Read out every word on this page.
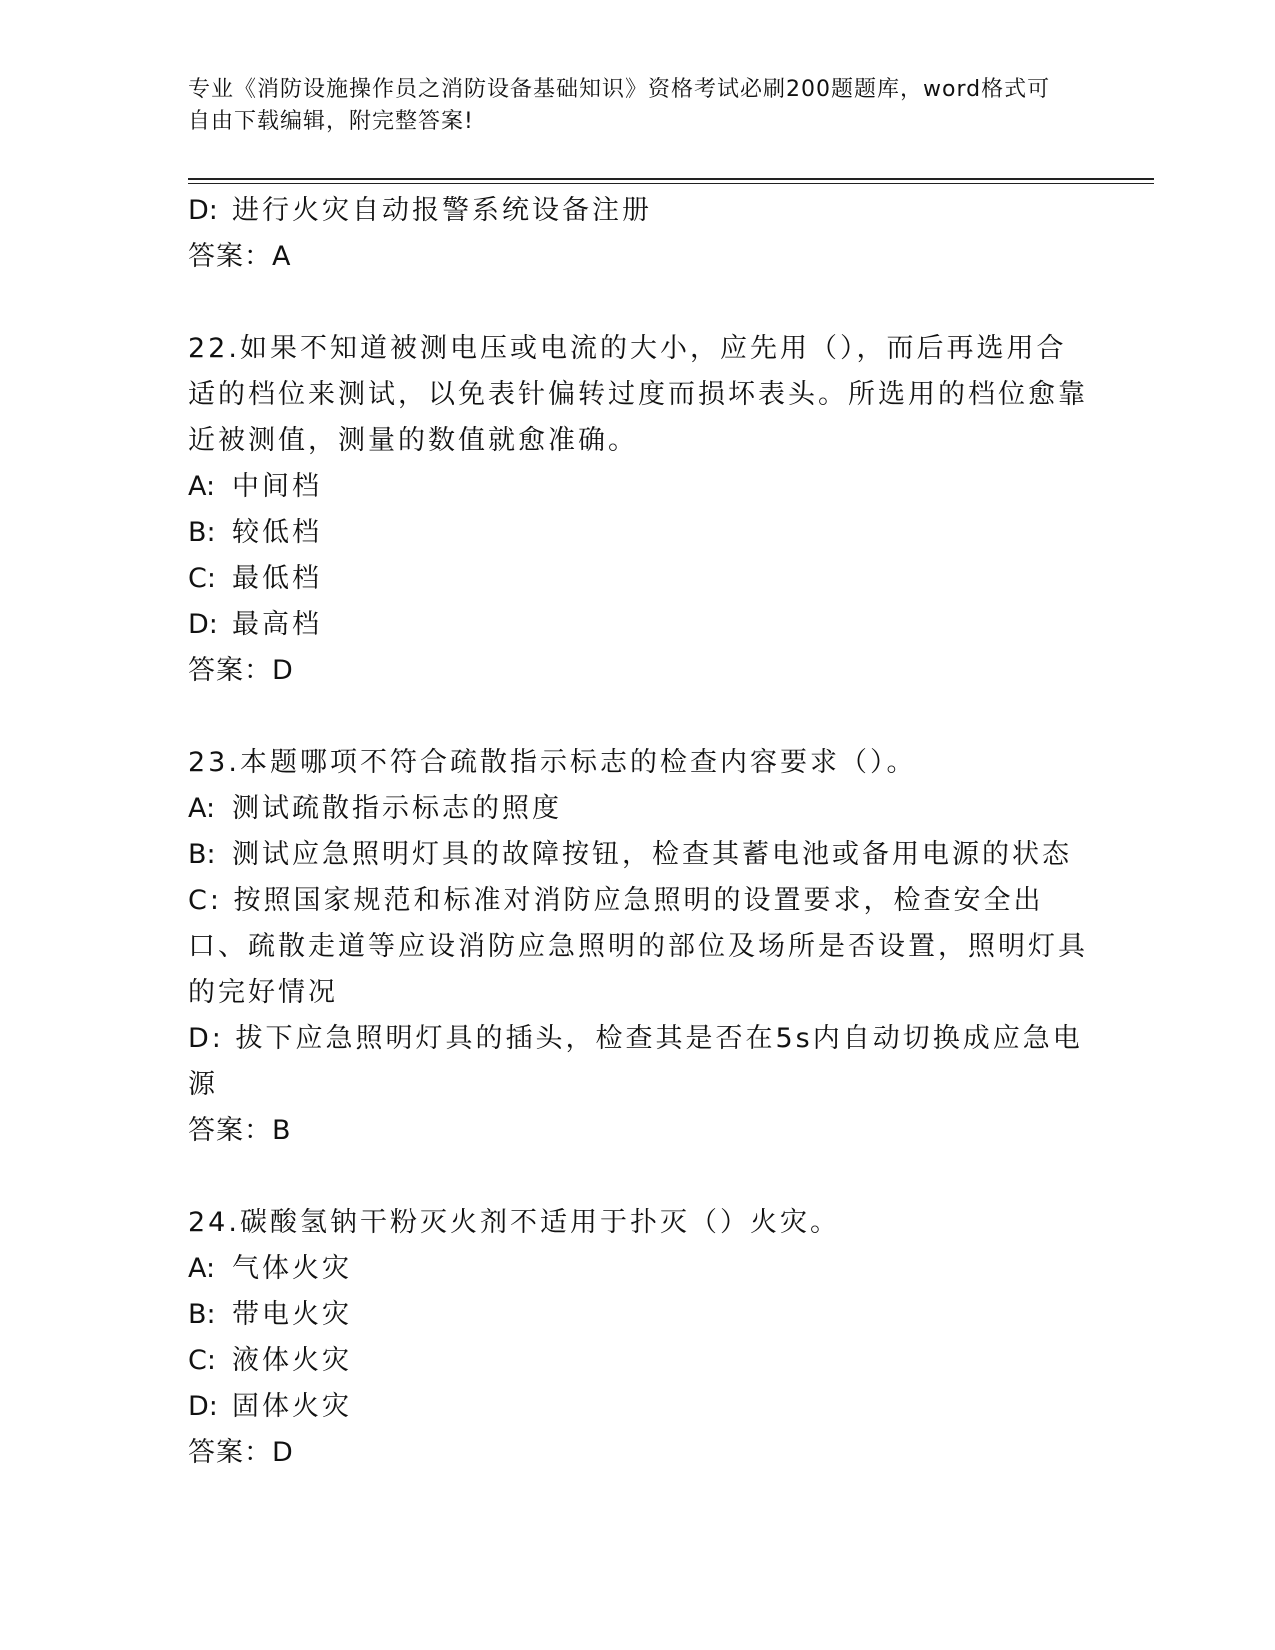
专业《消防设施操作员之消防设备基础知识》资格考试必刷200题题库，word格式可自由下载编辑，附完整答案!

D: 进行火灾自动报警系统设备注册

答案：A

22.如果不知道被测电压或电流的大小，应先用（），而后再选用合适的档位来测试，以免表针偏转过度而损坏表头。所选用的档位愈靠近被测值，测量的数值就愈准确。

A: 中间档
B: 较低档
C: 最低档
D: 最高档

答案：D

23.本题哪项不符合疏散指示标志的检查内容要求（）。

A: 测试疏散指示标志的照度
B: 测试应急照明灯具的故障按钮，检查其蓄电池或备用电源的状态

C: 按照国家规范和标准对消防应急照明的设置要求，检查安全出口、疏散走道等应设消防应急照明的部位及场所是否设置，照明灯具的完好情况

D: 拔下应急照明灯具的插头，检查其是否在5s内自动切换成应急电源

答案：B

24.碳酸氢钠干粉灭火剂不适用于扑灭（）火灾。

A: 气体火灾
B: 带电火灾
C: 液体火灾
D: 固体火灾

答案：D
